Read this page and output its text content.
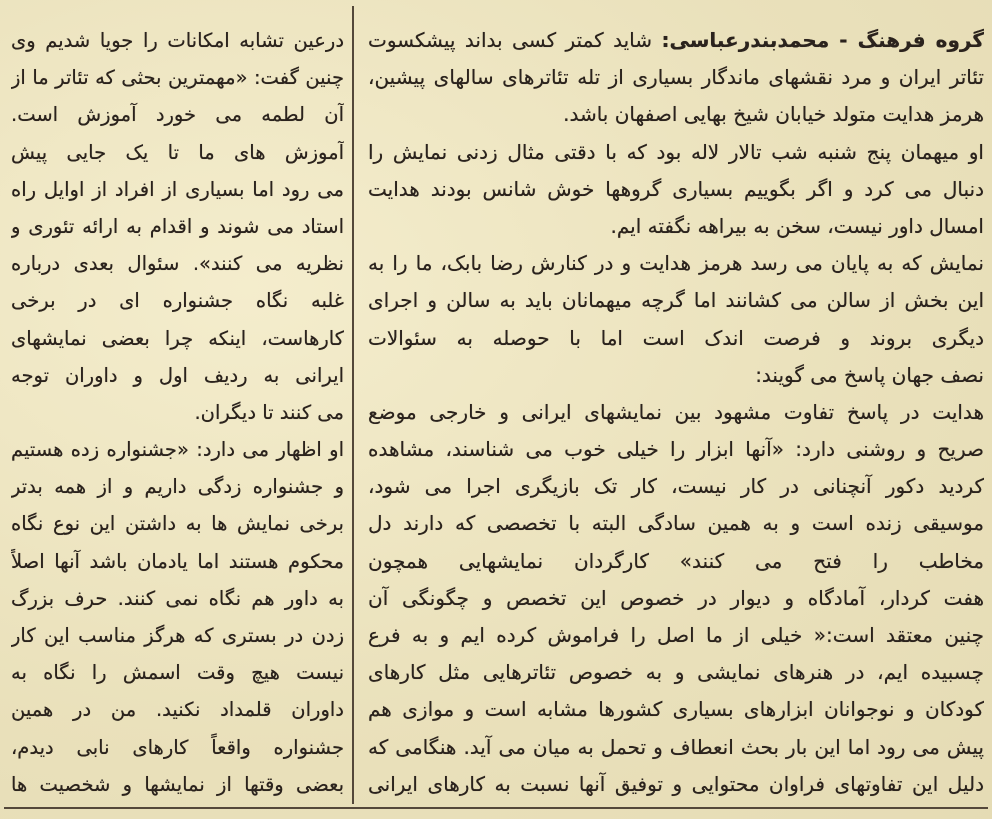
گروه فرهنگ - محمدبندرعباسی: شاید کمتر کسی بداند پیشکسوت
تئاتر ایران و مرد نقشهای ماندگار بسیاری از تله تئاترهای سالهای پیشین،
هرمز هدایت متولد خیابان شیخ بهایی اصفهان باشد.
او میهمان پنج شنبه شب تالار لاله بود که با دقتی مثال زدنی نمایش را
دنبال می کرد و اگر بگوییم بسیاری گروهها خوش شانس بودند هدایت
امسال داور نیست، سخن به بیراهه نگفته ایم.
نمایش که به پایان می رسد هرمز هدایت و در کنارش رضا بابک، ما را به
این بخش از سالن می کشانند اما گرچه میهمانان باید به سالن و اجرای
دیگری بروند و فرصت اندک است اما با حوصله به سئوالات
نصف جهان پاسخ می گویند:
هدایت در پاسخ تفاوت مشهود بین نمایشهای ایرانی و خارجی موضع
صریح و روشنی دارد: «آنها ابزار را خیلی خوب می شناسند، مشاهده
کردید دکور آنچنانی در کار نیست، کار تک بازیگری اجرا می شود،
موسیقی زنده است و به همین سادگی البته با تخصصی که دارند دل
مخاطب را فتح می کنند» کارگردان نمایشهایی همچون
هفت کردار، آمادگاه و دیوار در خصوص این تخصص و چگونگی آن
چنین معتقد است:« خیلی از ما اصل را فراموش کرده ایم و به فرع
چسبیده ایم، در هنرهای نمایشی و به خصوص تئاترهایی مثل کارهای
کودکان و نوجوانان ابزارهای بسیاری کشورها مشابه است و موازی هم
پیش می رود اما این بار بحث انعطاف و تحمل به میان می آید. هنگامی که
دلیل این تفاوتهای فراوان محتوایی و توفیق آنها نسبت به کارهای ایرانی
درعین تشابه امکانات را جویا شدیم وی
چنین گفت: «مهمترین بحثی که تئاتر ما از
آن لطمه می خورد آموزش است.
آموزش های ما تا یک جایی پیش
می رود اما بسیاری از افراد از اوایل راه
استاد می شوند و اقدام به ارائه تئوری و
نظریه می کنند». سئوال بعدی درباره
غلبه نگاه جشنواره ای در برخی
کارهاست، اینکه چرا بعضی نمایشهای
ایرانی به ردیف اول و داوران توجه
می کنند تا دیگران.
او اظهار می دارد: «جشنواره زده هستیم
و جشنواره زدگی داریم و از همه بدتر
برخی نمایش ها به داشتن این نوع نگاه
محکوم هستند اما یادمان باشد آنها اصلاً
به داور هم نگاه نمی کنند. حرف بزرگ
زدن در بستری که هرگز مناسب این کار
نیست هیچ وقت اسمش را نگاه به
داوران قلمداد نکنید. من در همین
جشنواره واقعاً کارهای نابی دیدم،
بعضی وقتها از نمایشها و شخصیت ها
